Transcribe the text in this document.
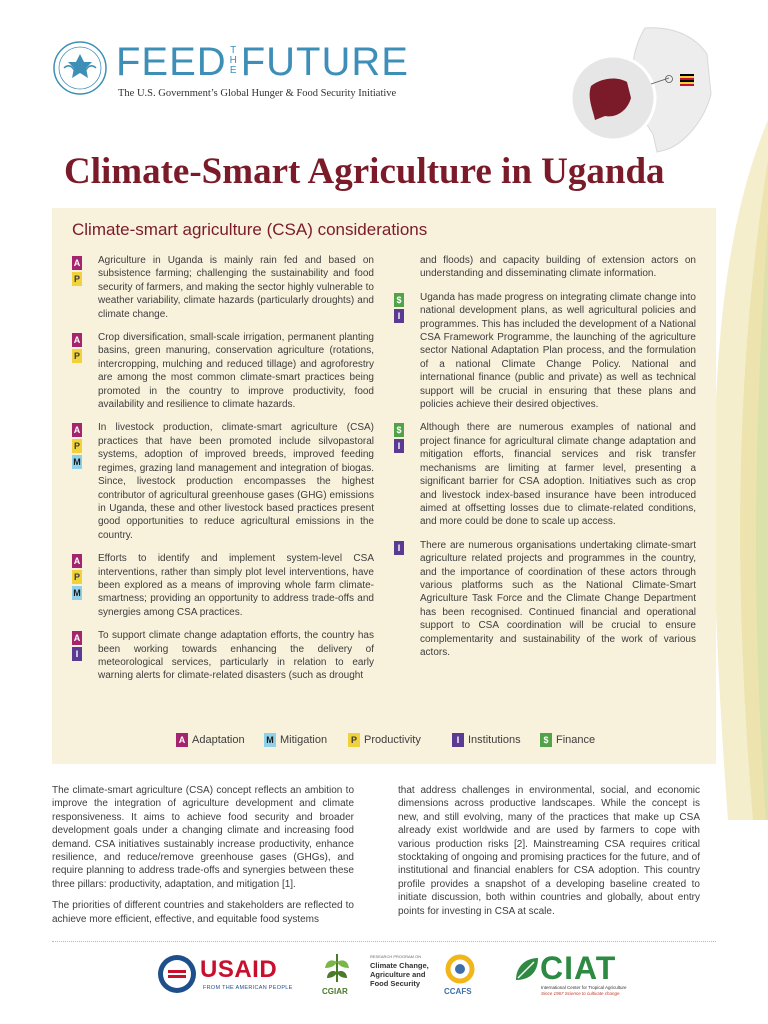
FEED THEFUTURE
The U.S. Government’s Global Hunger & Food Security Initiative
Climate-Smart Agriculture in Uganda
Climate-smart agriculture (CSA) considerations
A
P
Agriculture in Uganda is mainly rain fed and based on subsistence farming; challenging the sustainability and food security of farmers, and making the sector highly vulnerable to weather variability, climate hazards (particularly droughts) and climate change.
A
P
Crop diversification, small-scale irrigation, permanent planting basins, green manuring, conservation agriculture (rotations, intercropping, mulching and reduced tillage) and agroforestry are among the most common climate-smart practices being promoted in the country to improve productivity, food availability and resilience to climate hazards.
A
P
M
In livestock production, climate-smart agriculture (CSA) practices that have been promoted include silvopastoral systems, adoption of improved breeds, improved feeding regimes, grazing land management and integration of biogas. Since, livestock production encompasses the highest contributor of agricultural greenhouse gases (GHG) emissions in Uganda, these and other livestock based practices present good opportunities to reduce agricultural emissions in the country.
A
P
M
Efforts to identify and implement system-level CSA interventions, rather than simply plot level interventions, have been explored as a means of improving whole farm climate-smartness; providing an opportunity to address trade-offs and synergies among CSA practices.
A
I
To support climate change adaptation efforts, the country has been working towards enhancing the delivery of meteorological services, particularly in relation to early warning alerts for climate-related disasters (such as drought
and floods) and capacity building of extension actors on understanding and disseminating climate information.
$
I
Uganda has made progress on integrating climate change into national development plans, as well agricultural policies and programmes. This has included the development of a National CSA Framework Programme, the launching of the agriculture sector National Adaptation Plan process, and the formulation of a national Climate Change Policy. National and international finance (public and private) as well as technical support will be crucial in ensuring that these plans and policies achieve their desired objectives.
$
I
Although there are numerous examples of national and project finance for agricultural climate change adaptation and mitigation efforts, financial services and risk transfer mechanisms are limiting at farmer level, presenting a significant barrier for CSA adoption. Initiatives such as crop and livestock index-based insurance have been introduced aimed at offsetting losses due to climate-related conditions, and more could be done to scale up access.
I	There are numerous organisations undertaking climate-smart agriculture related projects and programmes in the country, and the importance of coordination of these actors through various platforms such as the National Climate-Smart Agriculture Task Force and the Climate Change Department has been recognised. Continued financial and operational support to CSA coordination will be crucial to ensure complementarity and sustainability of the work of various actors.
A Adaptation M Mitigation	P Productivity	I Institutions	$ Finance

The climate-smart agriculture (CSA) concept reflects an ambition to improve the integration of agriculture development and climate responsiveness. It aims to achieve food security and broader development goals under a changing climate and increasing food demand. CSA initiatives sustainably increase productivity, enhance resilience, and reduce/remove greenhouse gases (GHGs), and require planning to address trade-offs and synergies between these three pillars: productivity, adaptation, and mitigation [1].

The priorities of different countries and stakeholders are reflected to achieve more efficient, effective, and equitable food systems

that address challenges in environmental, social, and economic dimensions across productive landscapes. While the concept is new, and still evolving, many of the practices that make up CSA already exist worldwide and are used by farmers to cope with various production risks [2]. Mainstreaming CSA requires critical stocktaking of ongoing and promising practices for the future, and of institutional and financial enablers for CSA adoption. This country profile provides a snapshot of a developing baseline created to initiate discussion, both within countries and globally, about entry points for investing in CSA at scale.

USAID
FROM THE AMERICAN PEOPLE	CGIAR
RESEARCH PROGRAM ON
Climate Change, Agriculture and Food Security
CCAFS
CIAT
International Center for Tropical Agriculture
Since 1967 Science to cultivate change
